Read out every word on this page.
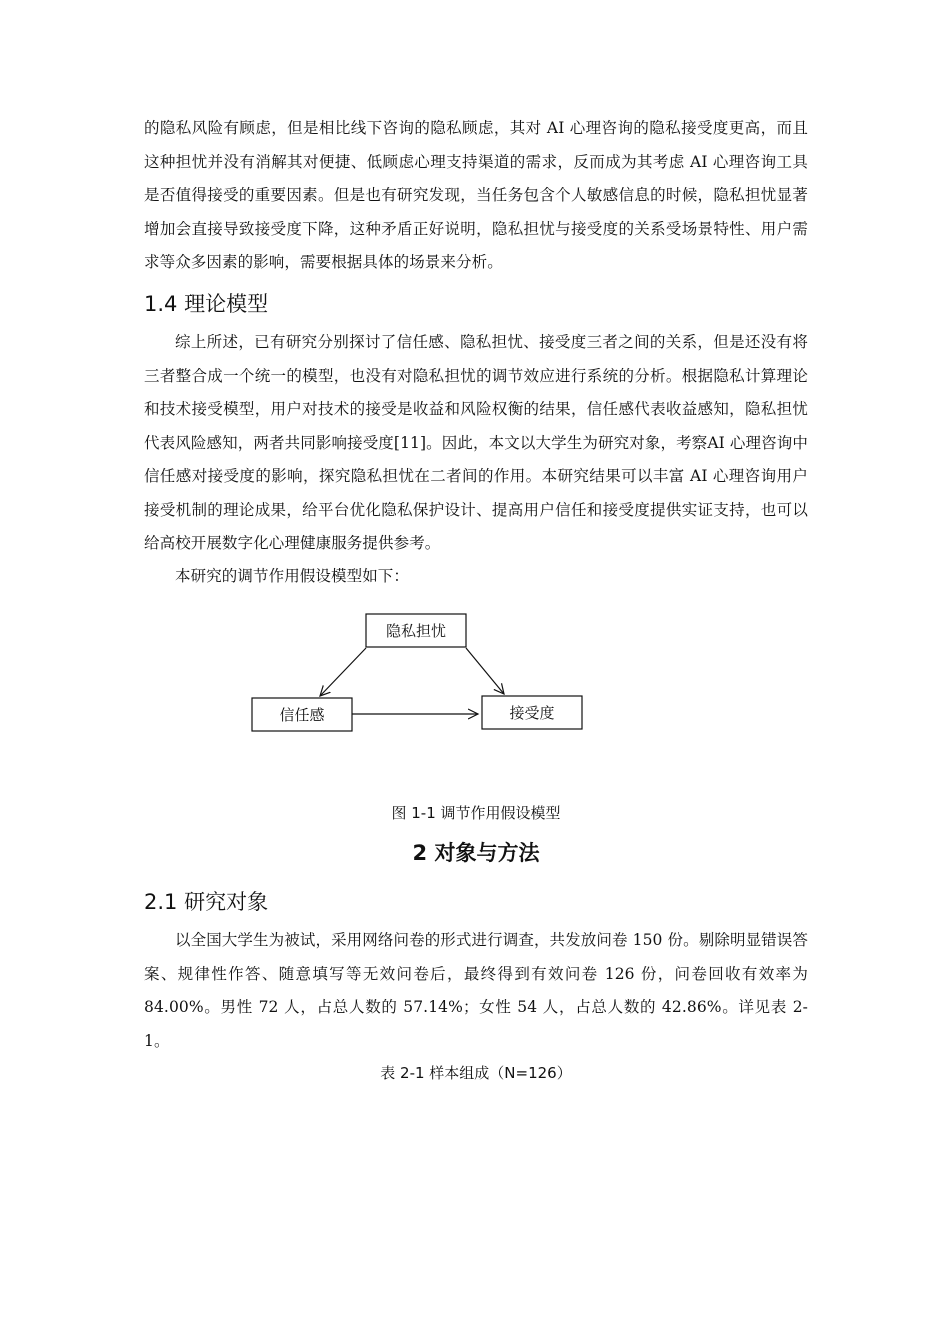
的隐私风险有顾虑，但是相比线下咨询的隐私顾虑，其对 AI 心理咨询的隐私接受度更高，而且这种担忧并没有消解其对便捷、低顾虑心理支持渠道的需求，反而成为其考虑 AI 心理咨询工具是否值得接受的重要因素。但是也有研究发现，当任务包含个人敏感信息的时候，隐私担忧显著增加会直接导致接受度下降，这种矛盾正好说明，隐私担忧与接受度的关系受场景特性、用户需求等众多因素的影响，需要根据具体的场景来分析。

1.4 理论模型

综上所述，已有研究分别探讨了信任感、隐私担忧、接受度三者之间的关系，但是还没有将三者整合成一个统一的模型，也没有对隐私担忧的调节效应进行系统的分析。根据隐私计算理论和技术接受模型，用户对技术的接受是收益和风险权衡的结果，信任感代表收益感知，隐私担忧代表风险感知，两者共同影响接受度[11]。因此，本文以大学生为研究对象，考察AI 心理咨询中信任感对接受度的影响，探究隐私担忧在二者间的作用。本研究结果可以丰富 AI 心理咨询用户接受机制的理论成果，给平台优化隐私保护设计、提高用户信任和接受度提供实证支持，也可以给高校开展数字化心理健康服务提供参考。

本研究的调节作用假设模型如下：

隐私担忧
信任感	接受度

图 1-1 调节作用假设模型

2 对象与方法
2.1 研究对象

以全国大学生为被试，采用网络问卷的形式进行调查，共发放问卷 150 份。剔除明显错误答案、规律性作答、随意填写等无效问卷后，最终得到有效问卷 126 份，问卷回收有效率为 84.00%。男性 72 人，占总人数的 57.14%；女性 54 人，占总人数的 42.86%。详见表 2-1。

表 2-1 样本组成（N=126）
